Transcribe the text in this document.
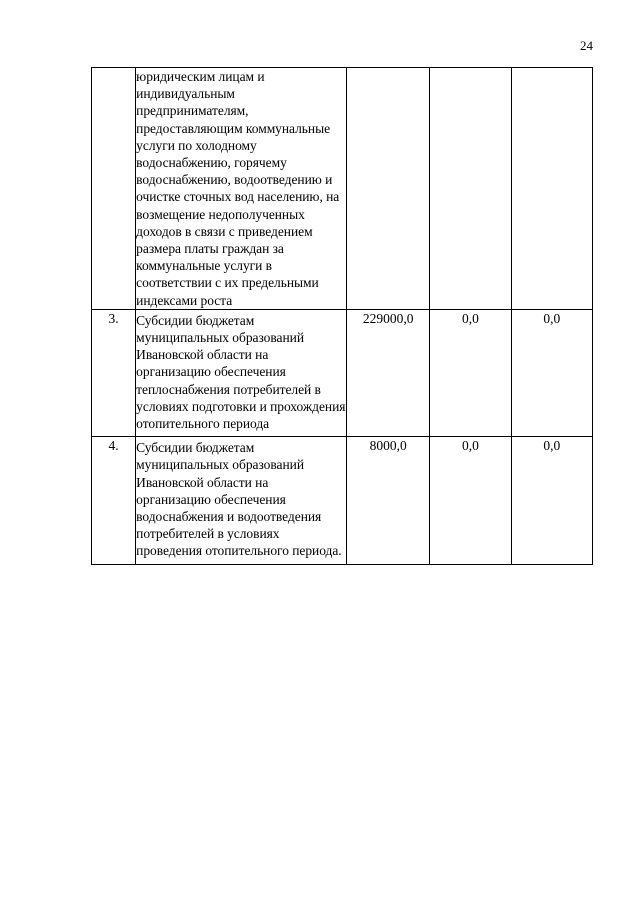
24
	юридическим лицам и индивидуальным предпринимателям, предоставляющим коммунальные услуги по холодному водоснабжению, горячему водоснабжению, водоотведению и очистке сточных вод населению, на возмещение недополученных доходов в связи с приведением размера платы граждан за коммунальные услуги в соответствии с их предельными индексами роста			
3.	Субсидии бюджетам муниципальных образований Ивановской области на организацию обеспечения теплоснабжения потребителей в условиях подготовки и прохождения отопительного периода	229000,0	0,0	0,0
4.	Субсидии бюджетам муниципальных образований Ивановской области на организацию обеспечения водоснабжения и водоотведения потребителей в условиях проведения отопительного периода.	8000,0	0,0	0,0
